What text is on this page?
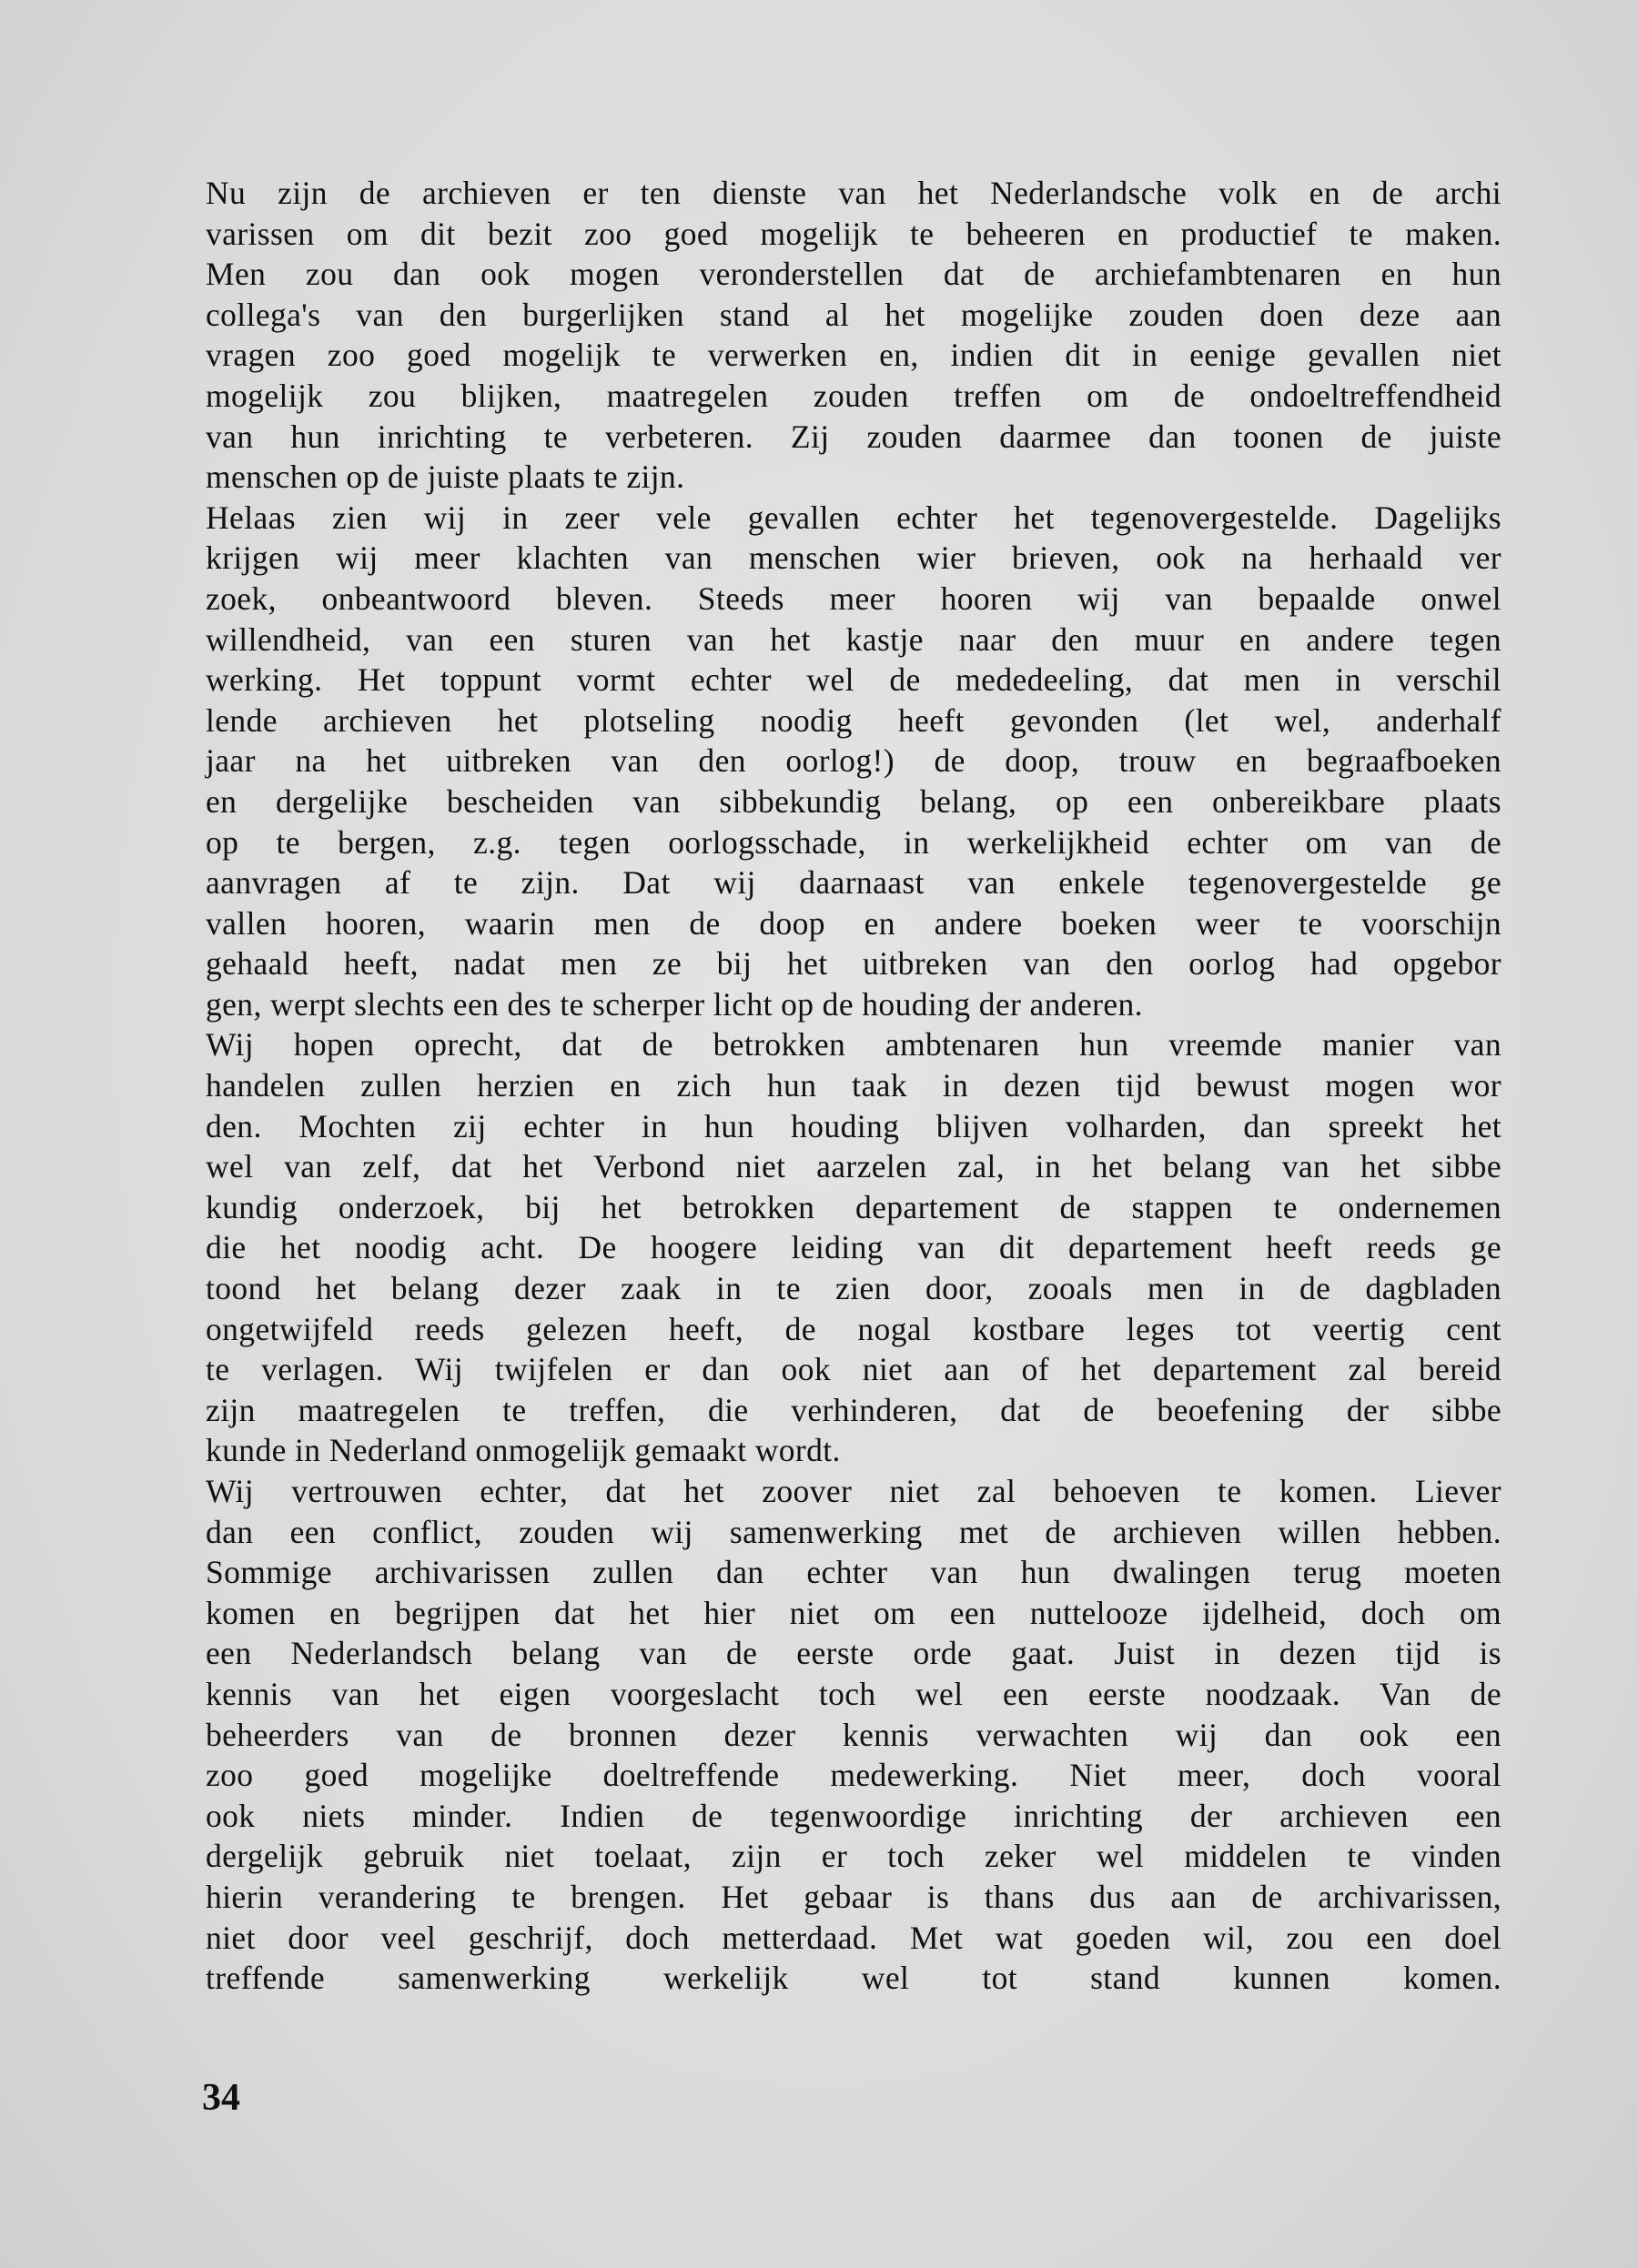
Nu zijn de archieven er ten dienste van het Nederlandsche volk en de archi
varissen om dit bezit zoo goed mogelijk te beheeren en productief te maken.
Men zou dan ook mogen veronderstellen dat de archiefambtenaren en hun
collega's van den burgerlijken stand al het mogelijke zouden doen deze aan
vragen zoo goed mogelijk te verwerken en, indien dit in eenige gevallen niet
mogelijk zou blijken, maatregelen zouden treffen om de ondoeltreffendheid
van hun inrichting te verbeteren. Zij zouden daarmee dan toonen de juiste
menschen op de juiste plaats te zijn.
Helaas zien wij in zeer vele gevallen echter het tegenovergestelde. Dagelijks
krijgen wij meer klachten van menschen wier brieven, ook na herhaald ver
zoek, onbeantwoord bleven. Steeds meer hooren wij van bepaalde onwel
willendheid, van een sturen van het kastje naar den muur en andere tegen
werking. Het toppunt vormt echter wel de mededeeling, dat men in verschil
lende archieven het plotseling noodig heeft gevonden (let wel, anderhalf
jaar na het uitbreken van den oorlog!) de doop, trouw en begraafboeken
en dergelijke bescheiden van sibbekundig belang, op een onbereikbare plaats
op te bergen, z.g. tegen oorlogsschade, in werkelijkheid echter om van de
aanvragen af te zijn. Dat wij daarnaast van enkele tegenovergestelde ge
vallen hooren, waarin men de doop en andere boeken weer te voorschijn
gehaald heeft, nadat men ze bij het uitbreken van den oorlog had opgebor
gen, werpt slechts een des te scherper licht op de houding der anderen.
Wij hopen oprecht, dat de betrokken ambtenaren hun vreemde manier van
handelen zullen herzien en zich hun taak in dezen tijd bewust mogen wor
den. Mochten zij echter in hun houding blijven volharden, dan spreekt het
wel van zelf, dat het Verbond niet aarzelen zal, in het belang van het sibbe
kundig onderzoek, bij het betrokken departement de stappen te ondernemen
die het noodig acht. De hoogere leiding van dit departement heeft reeds ge
toond het belang dezer zaak in te zien door, zooals men in de dagbladen
ongetwijfeld reeds gelezen heeft, de nogal kostbare leges tot veertig cent
te verlagen. Wij twijfelen er dan ook niet aan of het departement zal bereid
zijn maatregelen te treffen, die verhinderen, dat de beoefening der sibbe
kunde in Nederland onmogelijk gemaakt wordt.
Wij vertrouwen echter, dat het zoover niet zal behoeven te komen. Liever
dan een conflict, zouden wij samenwerking met de archieven willen hebben.
Sommige archivarissen zullen dan echter van hun dwalingen terug moeten
komen en begrijpen dat het hier niet om een nuttelooze ijdelheid, doch om
een Nederlandsch belang van de eerste orde gaat. Juist in dezen tijd is
kennis van het eigen voorgeslacht toch wel een eerste noodzaak. Van de
beheerders van de bronnen dezer kennis verwachten wij dan ook een
zoo goed mogelijke doeltreffende medewerking. Niet meer, doch vooral
ook niets minder. Indien de tegenwoordige inrichting der archieven een
dergelijk gebruik niet toelaat, zijn er toch zeker wel middelen te vinden
hierin verandering te brengen. Het gebaar is thans dus aan de archivarissen,
niet door veel geschrijf, doch metterdaad. Met wat goeden wil, zou een doel
treffende samenwerking werkelijk wel tot stand kunnen komen.
34
